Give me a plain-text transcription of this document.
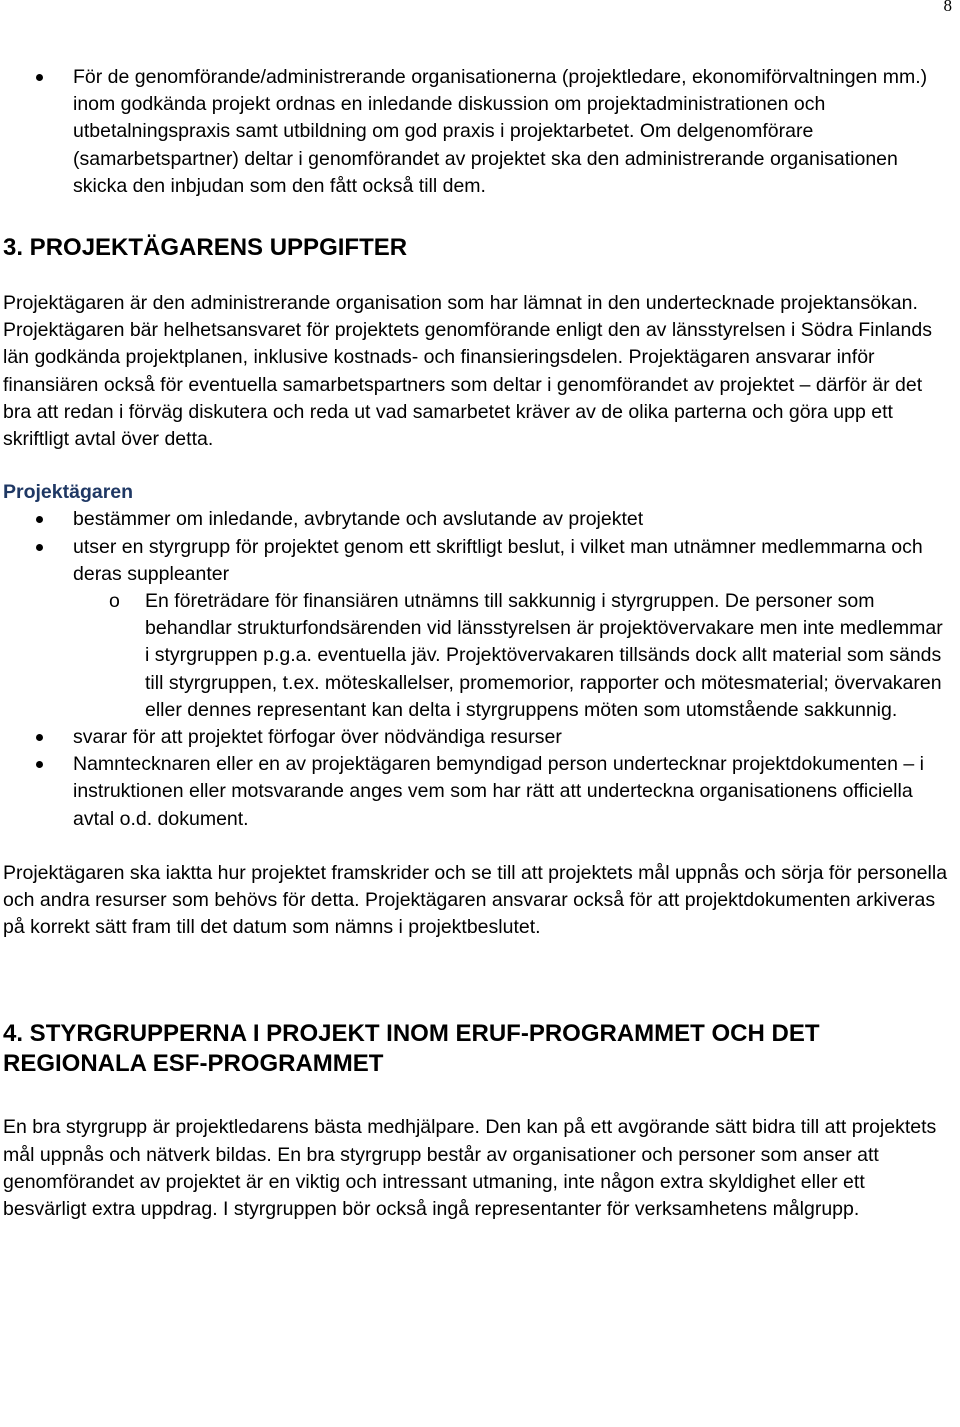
8
För de genomförande/administrerande organisationerna (projektledare, ekonomiförvaltningen mm.) inom godkända projekt ordnas en inledande diskussion om projektadministrationen och utbetalningspraxis samt utbildning om god praxis i projektarbetet. Om delgenomförare (samarbetspartner) deltar i genomförandet av projektet ska den administrerande organisationen skicka den inbjudan som den fått också till dem.
3. PROJEKTÄGARENS UPPGIFTER

Projektägaren är den administrerande organisation som har lämnat in den undertecknade projektansökan. Projektägaren bär helhetsansvaret för projektets genomförande enligt den av länsstyrelsen i Södra Finlands län godkända projektplanen, inklusive kostnads- och finansieringsdelen. Projektägaren ansvarar inför finansiären också för eventuella samarbetspartners som deltar i genomförandet av projektet – därför är det bra att redan i förväg diskutera och reda ut vad samarbetet kräver av de olika parterna och göra upp ett skriftligt avtal över detta.

Projektägaren

bestämmer om inledande, avbrytande och avslutande av projektet
utser en styrgrupp för projektet genom ett skriftligt beslut, i vilket man utnämner medlemmarna och deras suppleanter
o En företrädare för finansiären utnämns till sakkunnig i styrgruppen. De personer som behandlar strukturfondsärenden vid länsstyrelsen är projektövervakare men inte medlemmar i styrgruppen p.g.a. eventuella jäv. Projektövervakaren tillsänds dock allt material som sänds till styrgruppen, t.ex. möteskallelser, promemorior, rapporter och mötesmaterial; övervakaren eller dennes representant kan delta i styrgruppens möten som utomstående sakkunnig.
svarar för att projektet förfogar över nödvändiga resurser
Namntecknaren eller en av projektägaren bemyndigad person undertecknar projektdokumenten – i instruktionen eller motsvarande anges vem som har rätt att underteckna organisationens officiella avtal o.d. dokument.

Projektägaren ska iaktta hur projektet framskrider och se till att projektets mål uppnås och sörja för personella och andra resurser som behövs för detta. Projektägaren ansvarar också för att projektdokumenten arkiveras på korrekt sätt fram till det datum som nämns i projektbeslutet.

4. STYRGRUPPERNA I PROJEKT INOM ERUF-PROGRAMMET OCH DET REGIONALA ESF-PROGRAMMET

En bra styrgrupp är projektledarens bästa medhjälpare. Den kan på ett avgörande sätt bidra till att projektets mål uppnås och nätverk bildas. En bra styrgrupp består av organisationer och personer som anser att genomförandet av projektet är en viktig och intressant utmaning, inte någon extra skyldighet eller ett besvärligt extra uppdrag. I styrgruppen bör också ingå representanter för verksamhetens målgrupp.
